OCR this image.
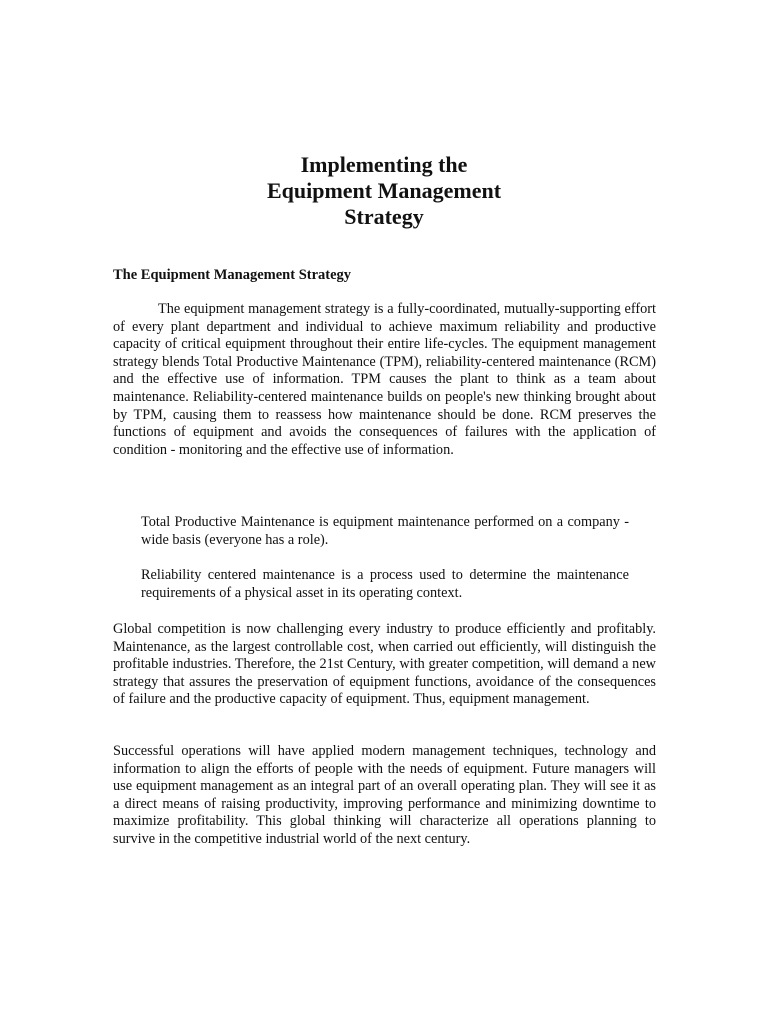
Implementing the
Equipment Management
Strategy
The Equipment Management Strategy

The equipment management strategy is a fully-coordinated, mutually-supporting effort of every plant department and individual to achieve maximum reliability and productive capacity of critical equipment throughout their entire life-cycles. The equipment management strategy blends Total Productive Maintenance (TPM), reliability-centered maintenance (RCM) and the effective use of information. TPM causes the plant to think as a team about maintenance. Reliability-centered maintenance builds on people's new thinking brought about by TPM, causing them to reassess how maintenance should be done. RCM preserves the functions of equipment and avoids the consequences of failures with the application of condition - monitoring and the effective use of information.

Total Productive Maintenance is equipment maintenance performed on a company - wide basis (everyone has a role).

Reliability centered maintenance is a process used to determine the maintenance requirements of a physical asset in its operating context.

Global competition is now challenging every industry to produce efficiently and profitably. Maintenance, as the largest controllable cost, when carried out efficiently, will distinguish the profitable industries. Therefore, the 21st Century, with greater competition, will demand a new strategy that assures the preservation of equipment functions, avoidance of the consequences of failure and the productive capacity of equipment. Thus, equipment management.

Successful operations will have applied modern management techniques, technology and information to align the efforts of people with the needs of equipment. Future managers will use equipment management as an integral part of an overall operating plan. They will see it as a direct means of raising productivity, improving performance and minimizing downtime to maximize profitability. This global thinking will characterize all operations planning to survive in the competitive industrial world of the next century.
